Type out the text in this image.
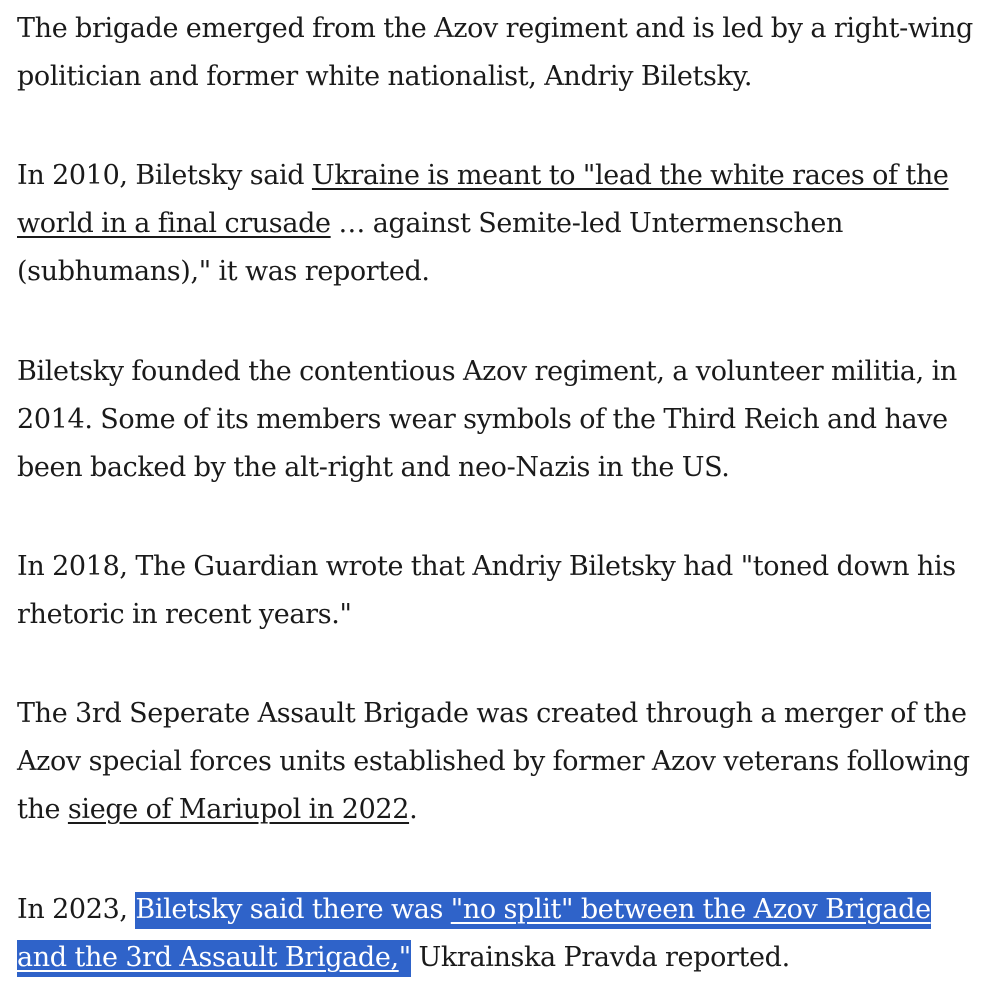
The brigade emerged from the Azov regiment and is led by a right-wing politician and former white nationalist, Andriy Biletsky.

In 2010, Biletsky said Ukraine is meant to "lead the white races of the world in a final crusade … against Semite-led Untermenschen (subhumans)," it was reported.

Biletsky founded the contentious Azov regiment, a volunteer militia, in 2014. Some of its members wear symbols of the Third Reich and have been backed by the alt-right and neo-Nazis in the US.

In 2018, The Guardian wrote that Andriy Biletsky had "toned down his rhetoric in recent years."

The 3rd Seperate Assault Brigade was created through a merger of the Azov special forces units established by former Azov veterans following the siege of Mariupol in 2022.

In 2023, Biletsky said there was "no split" between the Azov Brigade and the 3rd Assault Brigade," Ukrainska Pravda reported.
